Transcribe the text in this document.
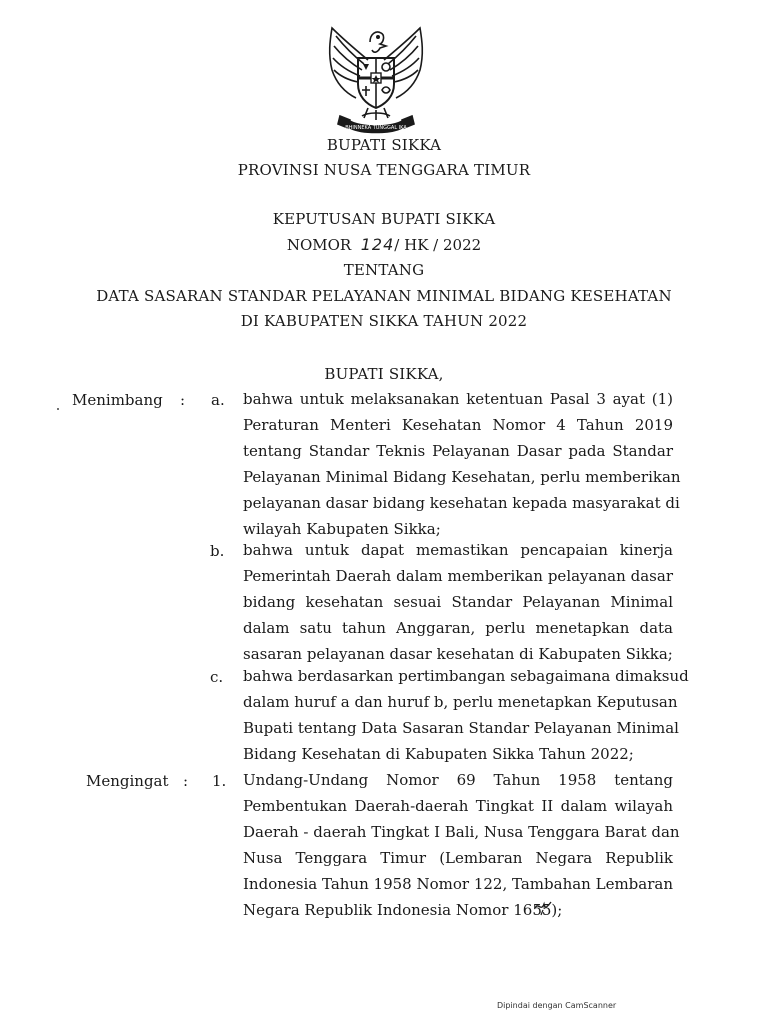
BHINNEKA TUNGGAL IKA
BUPATI SIKKA
PROVINSI NUSA TENGGARA TIMUR
KEPUTUSAN BUPATI SIKKA
NOMOR 124/ HK / 2022
TENTANG
DATA SASARAN STANDAR PELAYANAN MINIMAL BIDANG KESEHATAN
DI KABUPATEN SIKKA TAHUN 2022
BUPATI SIKKA,
Menimbang : a. bahwa untuk melaksanakan ketentuan Pasal 3 ayat (1)
Peraturan Menteri Kesehatan Nomor 4 Tahun 2019
tentang Standar Teknis Pelayanan Dasar pada Standar
Pelayanan Minimal Bidang Kesehatan, perlu memberikan
pelayanan dasar bidang kesehatan kepada masyarakat di
wilayah Kabupaten Sikka;
b. bahwa untuk dapat memastikan pencapaian kinerja
Pemerintah Daerah dalam memberikan pelayanan dasar
bidang kesehatan sesuai Standar Pelayanan Minimal
dalam satu tahun Anggaran, perlu menetapkan data
sasaran pelayanan dasar kesehatan di Kabupaten Sikka;
c. bahwa berdasarkan pertimbangan sebagaimana dimaksud
dalam huruf a dan huruf b, perlu menetapkan Keputusan
Bupati tentang Data Sasaran Standar Pelayanan Minimal
Bidang Kesehatan di Kabupaten Sikka Tahun 2022;
Mengingat : 1. Undang-Undang Nomor 69 Tahun 1958 tentang
Pembentukan Daerah-daerah Tingkat II dalam wilayah
Daerah - daerah Tingkat I Bali, Nusa Tenggara Barat dan
Nusa Tenggara Timur (Lembaran Negara Republik
Indonesia Tahun 1958 Nomor 122, Tambahan Lembaran
Negara Republik Indonesia Nomor 1655);
Dipindai dengan CamScanner
